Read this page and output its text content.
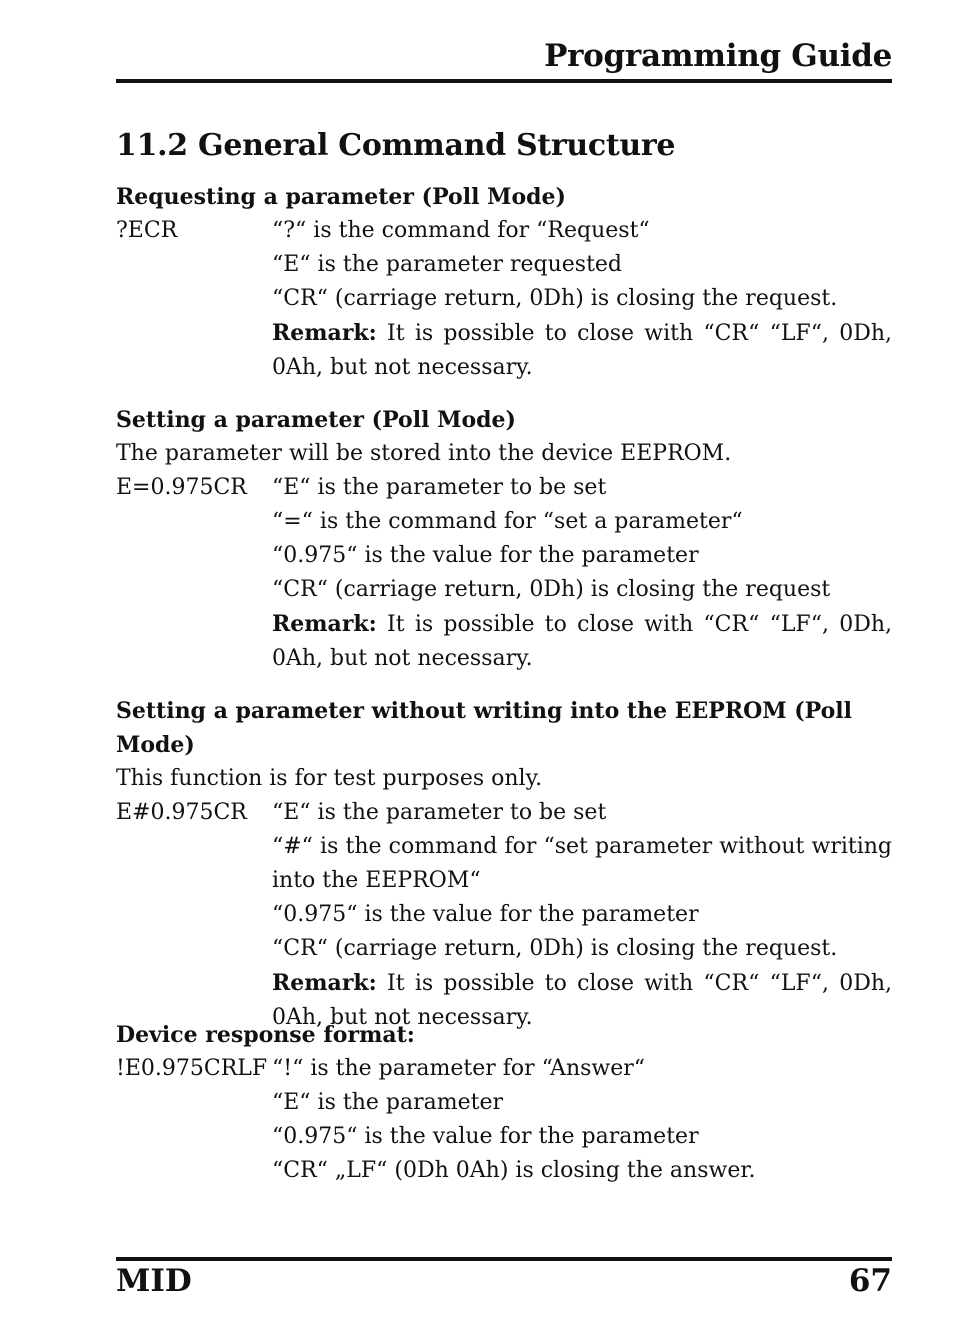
Programming Guide
11.2 General Command Structure
Requesting a parameter (Poll Mode)
?ECR	“?“ is the command for “Request“
“E“ is the parameter requested
“CR“ (carriage return, 0Dh) is closing the request.
Remark: It is possible to close with “CR“ “LF“, 0Dh, 0Ah, but not necessary.
Setting a parameter (Poll Mode)
The parameter will be stored into the device EEPROM.
E=0.975CR	“E“ is the parameter to be set
“=“ is the command for “set a parameter“
“0.975“ is the value for the parameter
“CR“ (carriage return, 0Dh) is closing the request
Remark: It is possible to close with “CR“ “LF“, 0Dh, 0Ah, but not necessary.
Setting a parameter without writing into the EEPROM (Poll Mode)
This function is for test purposes only.
E#0.975CR	“E“ is the parameter to be set
“#“ is the command for “set parameter without writing into the EEPROM“
“0.975“ is the value for the parameter
“CR“ (carriage return, 0Dh) is closing the request.
Remark: It is possible to close with “CR“ “LF“, 0Dh, 0Ah, but not necessary.
Device response format:
!E0.975CRLF “!“ is the parameter for “Answer“
“E“ is the parameter
“0.975“ is the value for the parameter
“CR“ „LF“ (0Dh 0Ah) is closing the answer.
MID	67
